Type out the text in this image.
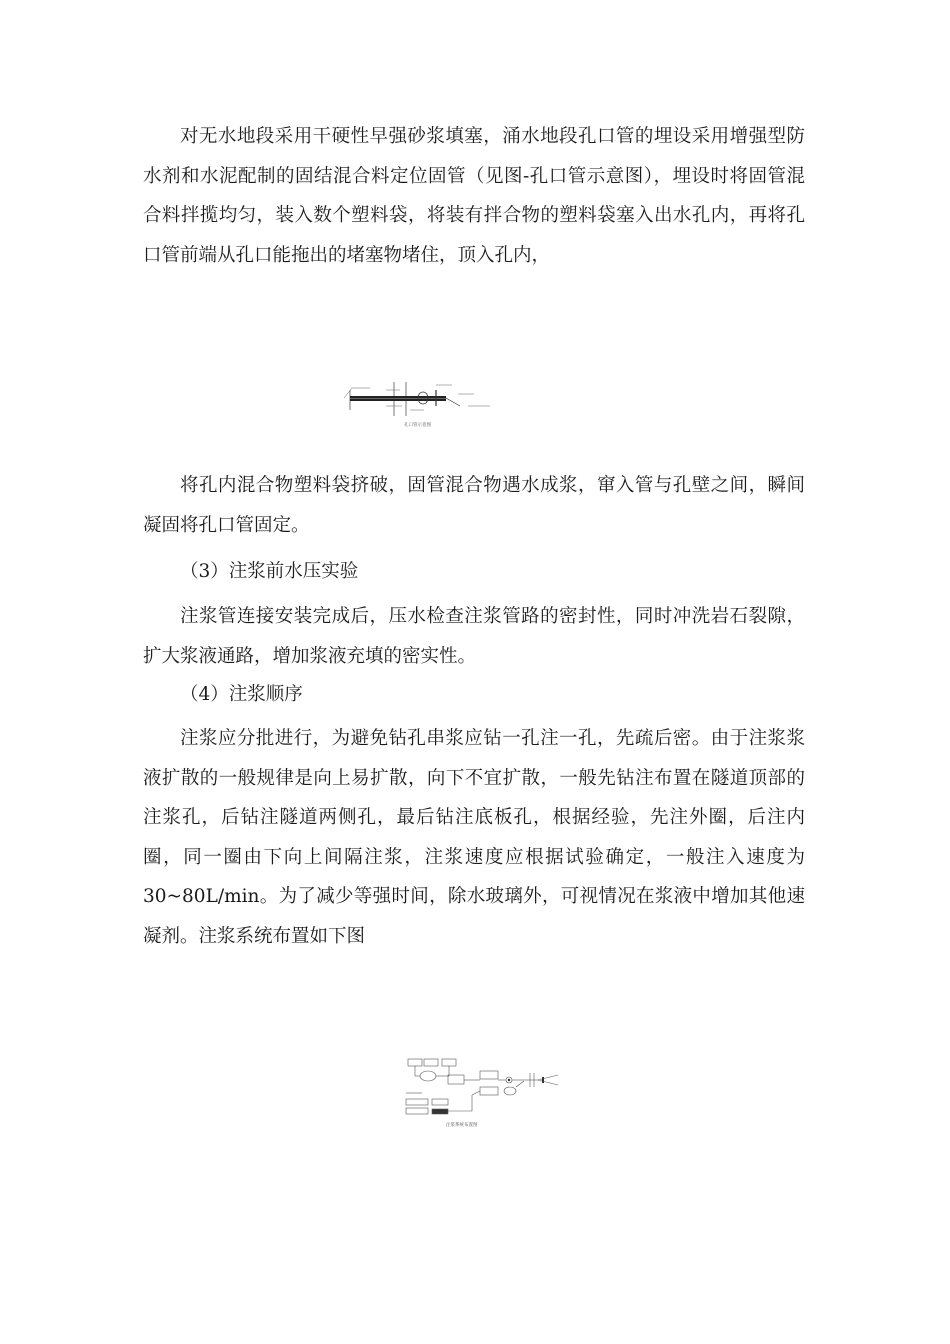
对无水地段采用干硬性早强砂浆填塞，涌水地段孔口管的埋设采用增强型防水剂和水泥配制的固结混合料定位固管（见图-孔口管示意图），埋设时将固管混合料拌揽均匀，装入数个塑料袋，将装有拌合物的塑料袋塞入出水孔内，再将孔口管前端从孔口能拖出的堵塞物堵住，顶入孔内，

孔口管示意图

将孔内混合物塑料袋挤破，固管混合物遇水成浆，窜入管与孔壁之间，瞬间凝固将孔口管固定。

（3）注浆前水压实验

注浆管连接安装完成后，压水检查注浆管路的密封性，同时冲洗岩石裂隙，扩大浆液通路，增加浆液充填的密实性。

（4）注浆顺序

注浆应分批进行，为避免钻孔串浆应钻一孔注一孔，先疏后密。由于注浆浆液扩散的一般规律是向上易扩散，向下不宜扩散，一般先钻注布置在隧道顶部的注浆孔，后钻注隧道两侧孔，最后钻注底板孔，根据经验，先注外圈，后注内圈，同一圈由下向上间隔注浆，注浆速度应根据试验确定，一般注入速度为 30~80L/min。为了减少等强时间，除水玻璃外，可视情况在浆液中增加其他速凝剂。注浆系统布置如下图

注浆系统布置图
